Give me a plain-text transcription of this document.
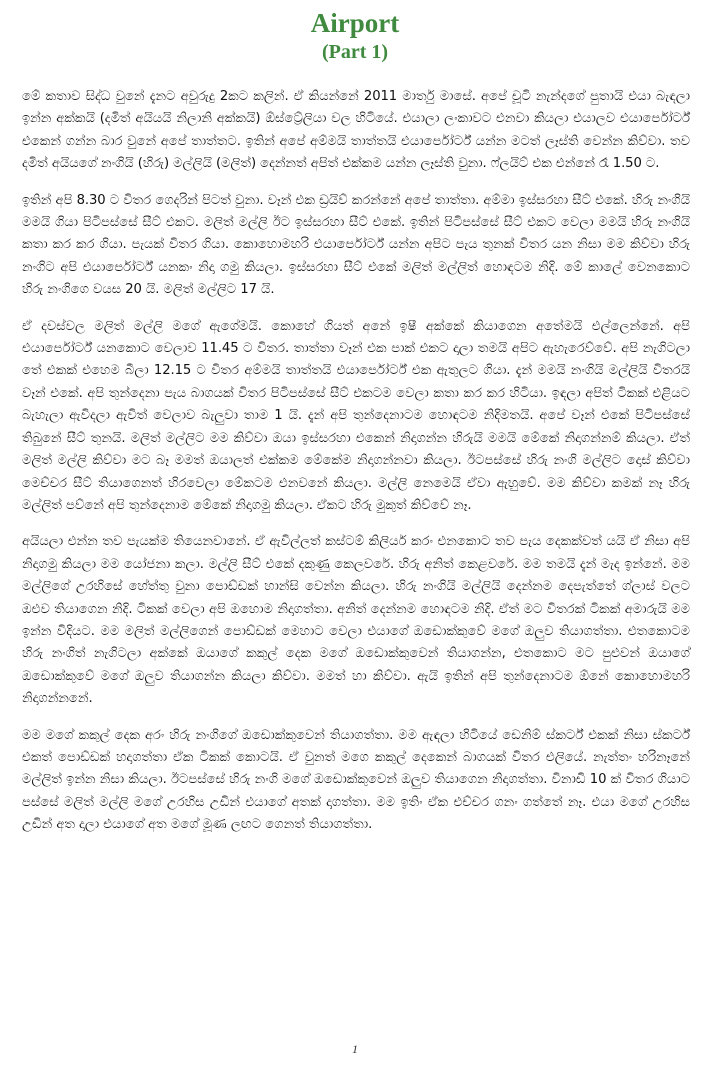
Airport
(Part 1)

මේ කතාව සිද්ධ වුනේ දැනට අවුරුදු 2කට කලින්. ඒ කියන්නේ 2011 මාර්තු මාසේ. අපේ චූටි නැන්දගේ පුතායි එයා බැඳලා ඉන්න අක්කයි (දමිත් අයියයි නිලානි අක්කයි) ඕස්ට්‍රේලියා වල හිටියේ. එයාලා ලංකාවට එනවා කියලා එයාලව එයාර්පෝර්ට් එකෙන් ගන්න බාර වුනේ අපේ තාත්තට. ඉතින් අපේ අම්මයි තාත්තයි එයාර්පෝර්ට් යන්න මටත් ලෑස්ති වෙන්න කිව්වා. තව දමිත් අයියගේ නංගියි (හිරු) මල්ලියි (මලිත්) දෙන්නත් අපිත් එක්කම යන්න ලෑස්ති වුනා. ෆ්ලයිට් එක එන්නේ රෑ 1.50 ට.

ඉතින් අපි 8.30 ට විතර ගෙදරින් පිටත් වුනා. වෑන් එක ඩ්‍රයිව් කරන්නේ අපේ තාත්තා. අම්මා ඉස්සරහා සීට් එකේ. හිරු නංගියි මමයි ගියා පිටිපස්සේ සීට් එකට. මලිත් මල්ලි ඊට ඉස්සරහා සීට් එකේ. ඉතින් පිටිපස්සේ සීට් එකට වෙලා මමයි හිරු නංගියි කතා කර කර ගියා. පැයක් විතර ගියා. කොහොමහරි එයාර්පෝර්ට් යන්න අපිට පැය තුනක් විතර යන නිසා මම කිව්වා හිරු නංගිට අපි එයාර්පෝර්ට් යනකං නිදා ගමු කියලා. ඉස්සරහා සීට් එකේ මලිත් මල්ලිත් හොඳටම නිදි. මේ කාලේ වෙනකොට හිරු නංගිගෙ වයස 20 යි. මලිත් මල්ලිට 17 යි.

ඒ දවස්වල මලිත් මල්ලි මගේ ඇගේමයි. කොහේ ගියත් අනේ ඉෂී අක්කේ කියාගෙන අතේමයි එල්ලෙන්නේ. අපි එයාර්පෝර්ට් යනකොට වෙලාව 11.45 ට විතර. තාත්තා වෑන් එක පාක් එකට දාලා තමයි අපිට ඇහැරෙව්වේ. අපි නැගිටලා තේ එකක් එහෙම බීලා 12.15 ට විතර අම්මයි තාත්තයි එයාර්පෝර්ට් එක ඇතුලට ගියා. දැන් මමයි නංගියි මල්ලියි විතරයි වෑන් එකේ. අපි තුන්දෙනා පැය බාගයක් විතර පිටිපස්සේ සීට් එකටම වෙලා කතා කර කර හිටියා. ඉඳලා අපිත් ටිකක් එළියට බැහැලා ඇවිදලා ඇවිත් වෙලාව බැලුවා තාම 1 යි. දැන් අපි තුන්දෙනාටම හොඳටම නිදිමතයි. අපේ වෑන් එකේ පිටිපස්සේ තිබුනේ සීට් තුනයි. මලිත් මල්ලිට මම කිව්වා ඔයා ඉස්සරහා එකෙන් නිදාගන්න හිරුයි මමයි මේකේ නිදාගන්නම් කියලා. ඒත් මලිත් මල්ලි කිව්වා මට බෑ මමත් ඔයාලත් එක්කම මේකේම නිදාගන්නවා කියලා. ඊටපස්සේ හිරු නංගි මල්ලිට දොස් කිව්වා මෙච්චර සීට් තියාගෙනත් හිරවෙලා මේකටම එනවනේ කියලා. මල්ලි නෙමෙයි ඒවා ඇහුවේ. මම කිව්වා කමක් නෑ හිරු මල්ලිත් පව්නේ අපි තුන්දෙනාම මේකේ නිදාගමු කියලා. ඒකට හිරු මුකුත් කිව්වේ නෑ.

අයියලා එන්න තව පැයක්ම තියෙනවානේ. ඒ ඇවිල්ලත් කස්ටම් කිලියර් කරං එනකොට තව පැය දෙකක්වත් යයි ඒ නිසා අපි නිදාගමු කියලා මම යෝජනා කලා. මල්ලි සීට් එකේ දකුණු කෙලවරේ. හිරු අනිත් කෙළවරේ. මම තමයි දැන් මැද ඉන්නේ. මම මල්ලිගේ උරහිසේ හේත්තු වුනා පොඩ්ඩක් හාන්සි වෙන්න කියලා. හිරු නංගියි මල්ලියි දෙන්නම දෙපැත්තේ ග්ලාස් වලට ඔළුව තියාගෙන නිදි. ටිකක් වෙලා අපි ඔහොම නිදාගත්තා. අනිත් දෙන්නම හොඳටම නිදි. ඒත් මට විතරක් ටිකක් අමාරුයි මම ඉන්න විදියට. මම මලිත් මල්ලිගෙන් පොඩ්ඩක් මෙහාට වෙලා එයාගේ ඔඩොක්කුවේ මගේ ඔලුව තියාගත්තා. එතකොටම හිරු නංගිත් නැගිටලා අක්කේ ඔයාගේ කකුල් දෙක මගේ ඔඩොක්කුවෙන් තියාගන්න, එතකොට මට පුළුවන් ඔයාගේ ඔඩොක්කුවේ මගේ ඔලුව තියාගන්න කියලා කිව්වා. මමත් හා කිව්වා. ඇයි ඉතින් අපි තුන්දෙනාටම ඕනේ කොහොමහරි නිදාගන්නනේ.

මම මගේ කකුල් දෙක අරං හිරු නංගිගේ ඔඩොක්කුවෙන් තියාගත්තා. මම ඇඳලා හිටියේ ඩෙනිම් ස්කර්ට් එකක් නිසා ස්කර්ට් එකත් පොඩ්ඩක් හදාගත්තා ඒක ටිකක් කොටයි. ඒ වුනත් මගෙ කකුල් දෙකෙන් බාගයක් විතර එලියේ. නැත්තං හරිනෑනේ මල්ලිත් ඉන්න නිසා කියලා. ඊටපස්සේ හිරු නංගි මගේ ඔඩොක්කුවෙන් ඔලුව තියාගෙන නිදාගත්තා. විනාඩි 10 ක් විතර ගියාට පස්සේ මලිත් මල්ලි මගේ උරහිස උඩින් එයාගේ අතක් දාගත්තා. මම ඉතිං ඒක එච්චර ගනං ගත්තේ නෑ. එයා මගේ උරහිස උඩින් අත දාලා එයාගේ අත මගේ මූණ ලඟට ගෙනත් තියාගත්තා.

1
